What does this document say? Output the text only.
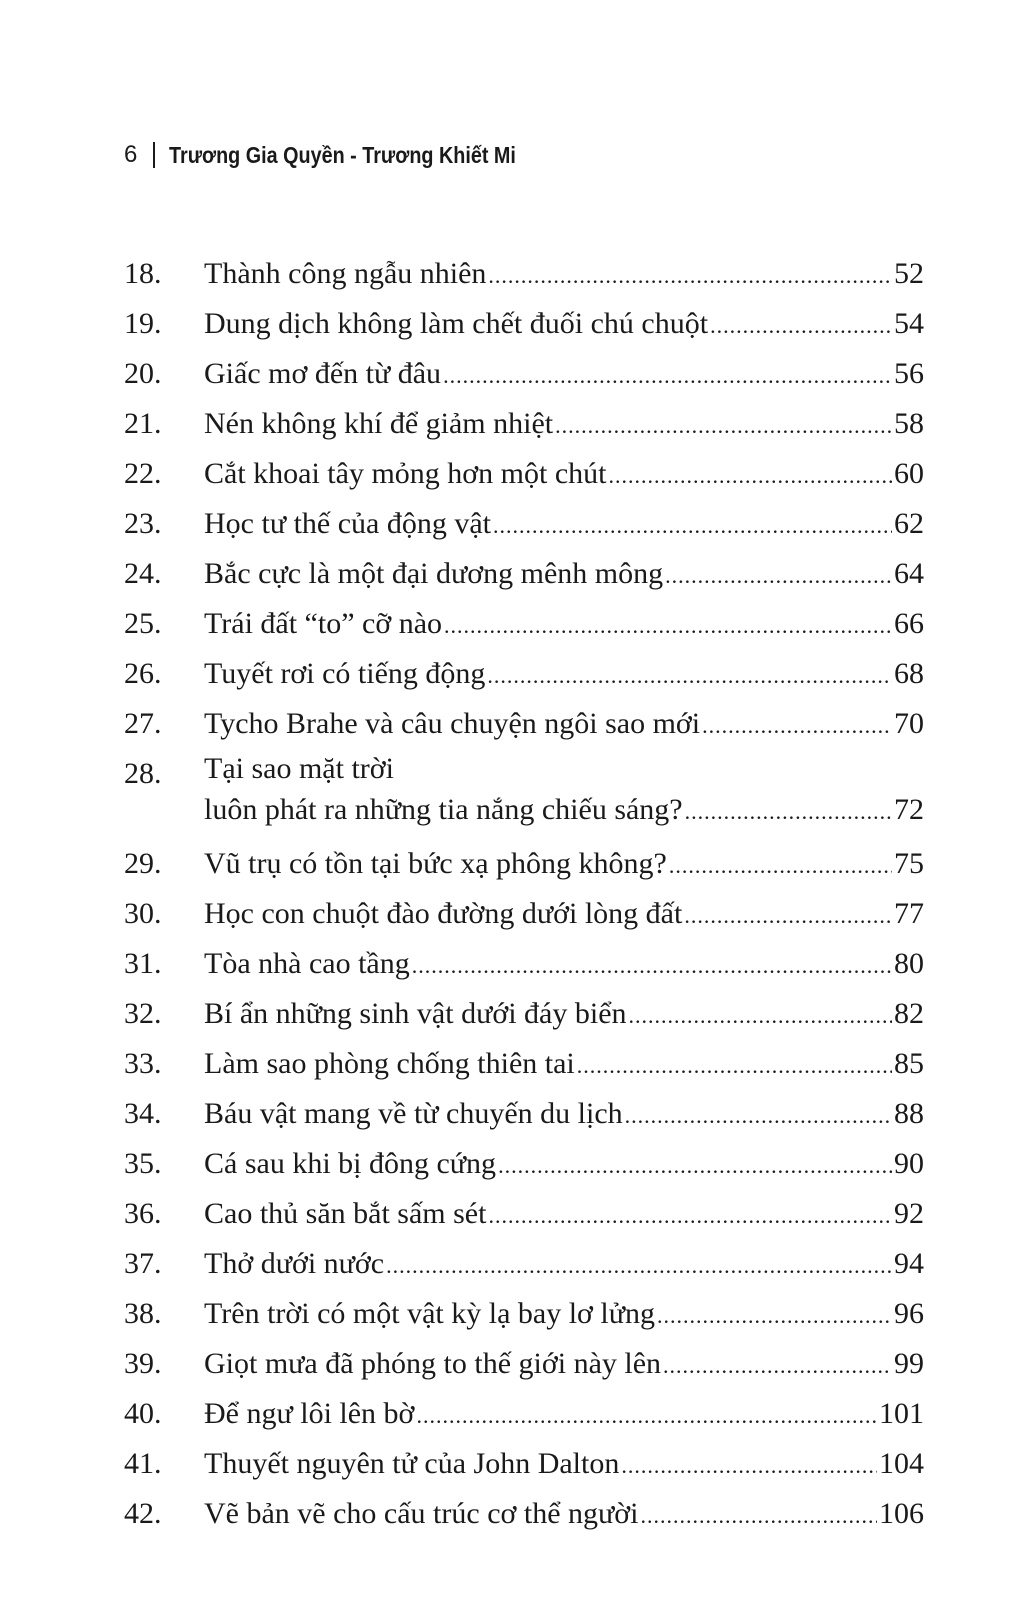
6 Trương Gia Quyền - Trương Khiết Mi
18.	Thành công ngẫu nhiên .....	52
19.	Dung dịch không làm chết đuối chú chuột .....	54
20.	Giấc mơ đến từ đâu .....	56
21.	Nén không khí để giảm nhiệt .....	58
22.	Cắt khoai tây mỏng hơn một chút .....	60
23.	Học tư thế của động vật .....	62
24.	Bắc cực là một đại dương mênh mông .....	64
25.	Trái đất “to” cỡ nào .....	66
26.	Tuyết rơi có tiếng động .....	68
27.	Tycho Brahe và câu chuyện ngôi sao mới .....	70
28.	Tại sao mặt trời
luôn phát ra những tia nắng chiếu sáng? .....	72
29.	Vũ trụ có tồn tại bức xạ phông không? .....	75
30.	Học con chuột đào đường dưới lòng đất .....	77
31.	Tòa nhà cao tầng .....	80
32.	Bí ẩn những sinh vật dưới đáy biển .....	82
33.	Làm sao phòng chống thiên tai .....	85
34.	Báu vật mang về từ chuyến du lịch .....	88
35.	Cá sau khi bị đông cứng .....	90
36.	Cao thủ săn bắt sấm sét .....	92
37.	Thở dưới nước .....	94
38.	Trên trời có một vật kỳ lạ bay lơ lửng .....	96
39.	Giọt mưa đã phóng to thế giới này lên .....	99
40.	Để ngư lôi lên bờ .....	101
41.	Thuyết nguyên tử của John Dalton .....	104
42.	Vẽ bản vẽ cho cấu trúc cơ thể người .....	106
